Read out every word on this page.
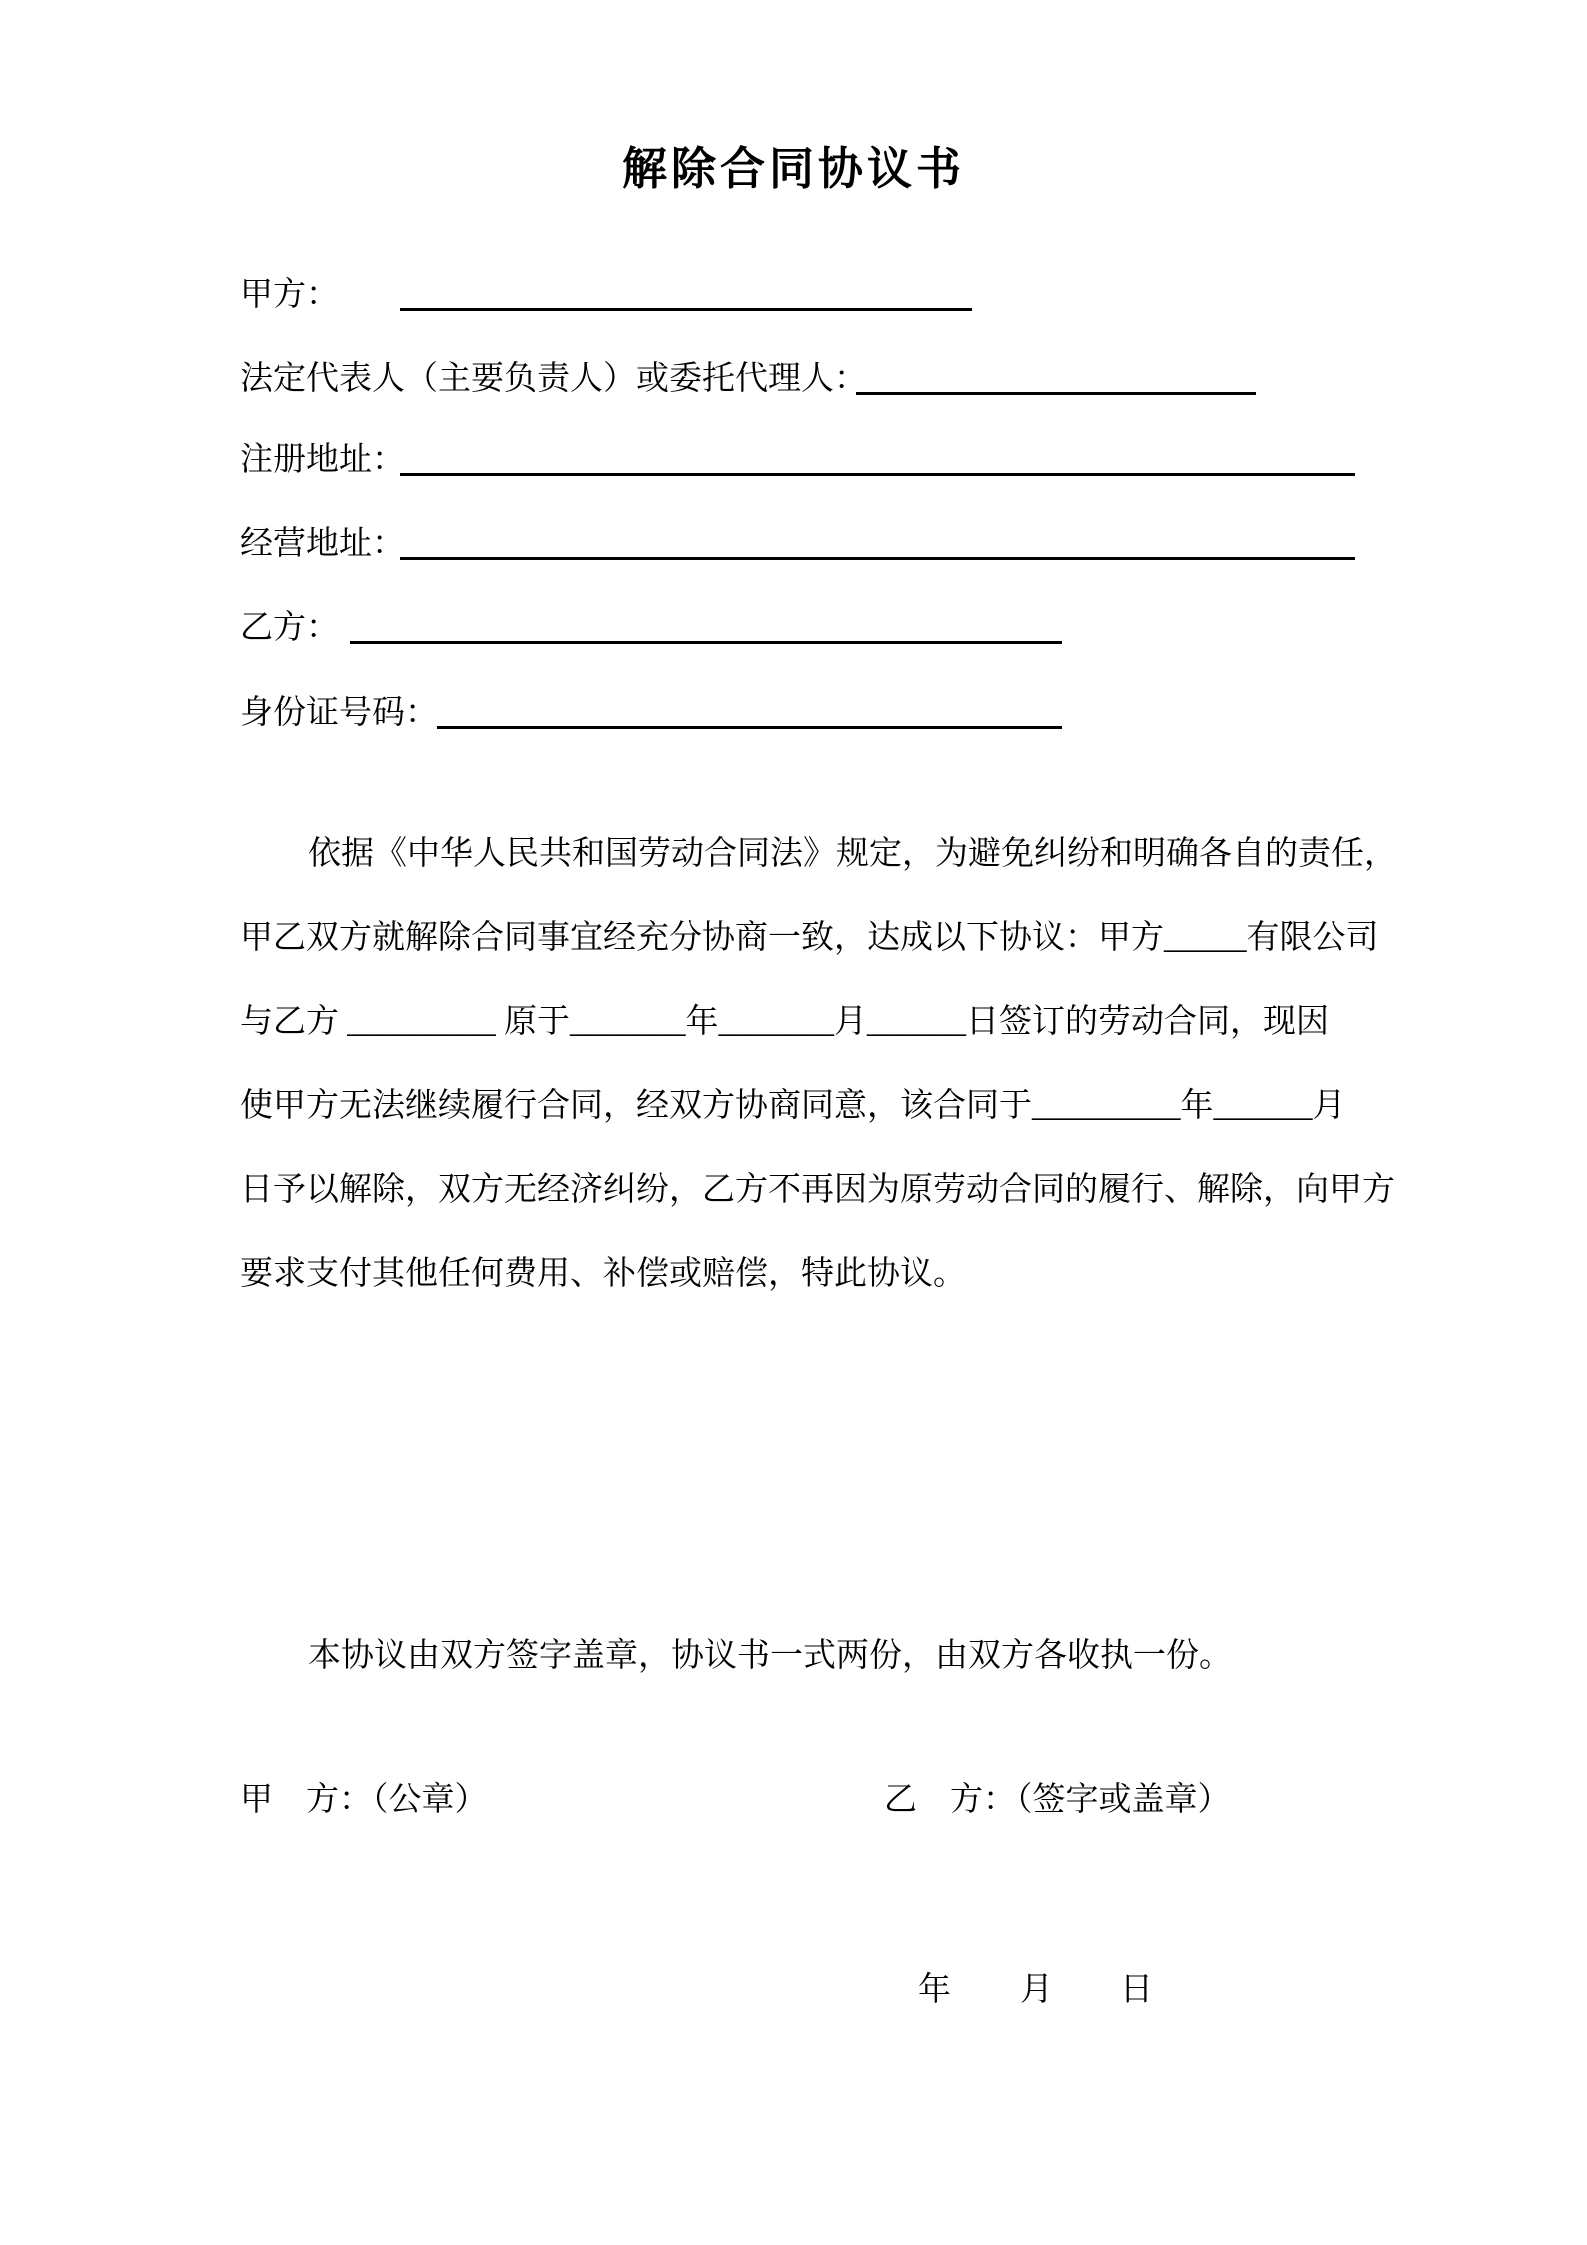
解除合同协议书
甲方：
法定代表人（主要负责人）或委托代理人：
注册地址：
经营地址：
乙方：
身份证号码：
依据《中华人民共和国劳动合同法》规定，为避免纠纷和明确各自的责任，
甲乙双方就解除合同事宜经充分协商一致，达成以下协议：甲方_____有限公司
与乙方 _________ 原于_______年_______月______日签订的劳动合同，现因
使甲方无法继续履行合同，经双方协商同意，该合同于_________年______月
日予以解除，双方无经济纠纷，乙方不再因为原劳动合同的履行、解除，向甲方
要求支付其他任何费用、补偿或赔偿，特此协议。
本协议由双方签字盖章，协议书一式两份，由双方各收执一份。
甲　方：（公章）	乙　方：（签字或盖章）
年 月 日
